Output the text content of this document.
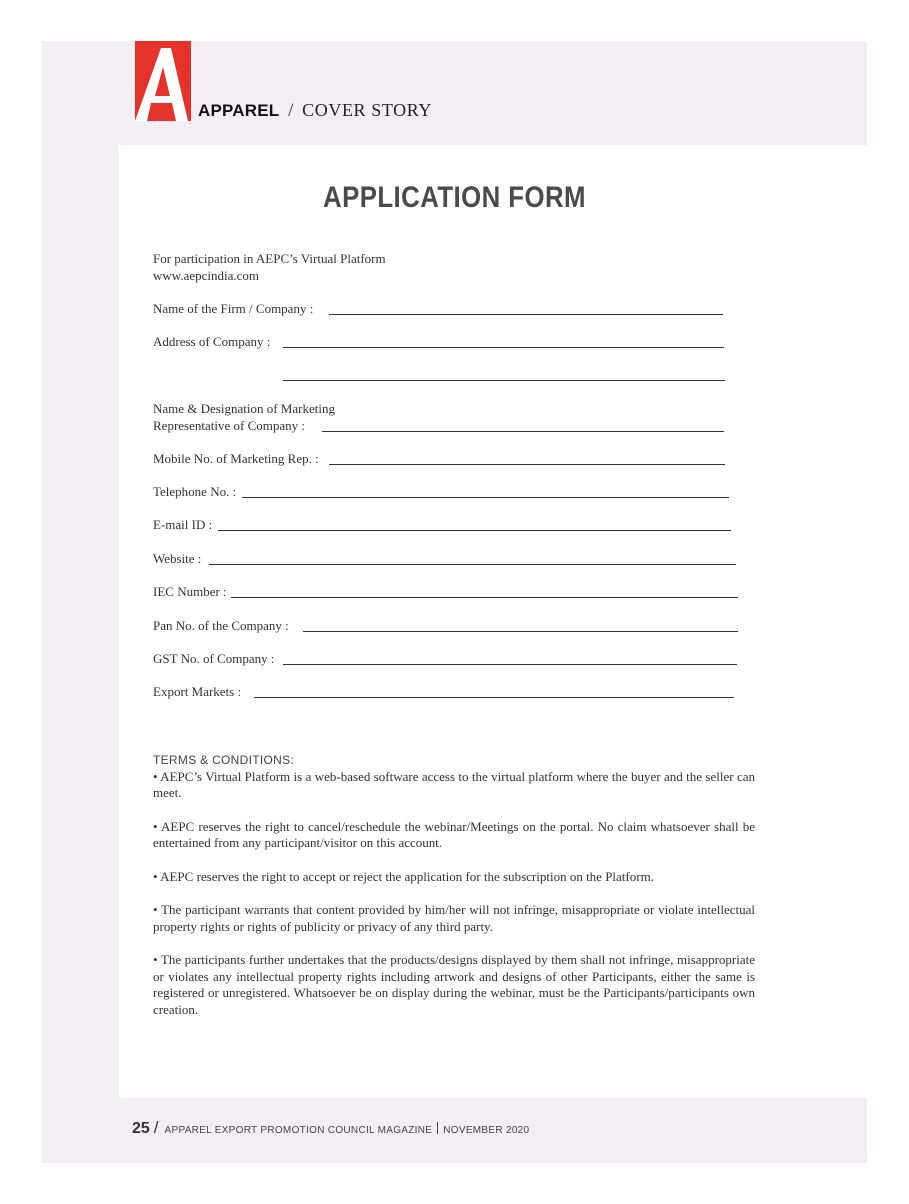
APPAREL / COVER STORY
APPLICATION FORM
For participation in AEPC’s Virtual Platform
www.aepcindia.com
Name of the Firm / Company :
Address of Company :
Name & Designation of Marketing
Representative of Company :
Mobile No. of Marketing Rep. :
Telephone No. :
E-mail ID :
Website :
IEC Number :
Pan No. of the Company :
GST No. of Company :
Export Markets :
TERMS & CONDITIONS:

• AEPC’s Virtual Platform is a web-based software access to the virtual platform where the buyer and the seller can meet.

• AEPC reserves the right to cancel/reschedule the webinar/Meetings on the portal. No claim whatsoever shall be entertained from any participant/visitor on this account.

• AEPC reserves the right to accept or reject the application for the subscription on the Platform.

• The participant warrants that content provided by him/her will not infringe, misappropriate or violate intellectual property rights or rights of publicity or privacy of any third party.

• The participants further undertakes that the products/designs displayed by them shall not infringe, misappropriate or violates any intellectual property rights including artwork and designs of other Participants, either the same is registered or unregistered. Whatsoever be on display during the webinar, must be the Participants/participants own creation.

25 / APPAREL EXPORT PROMOTION COUNCIL MAGAZINE NOVEMBER 2020
